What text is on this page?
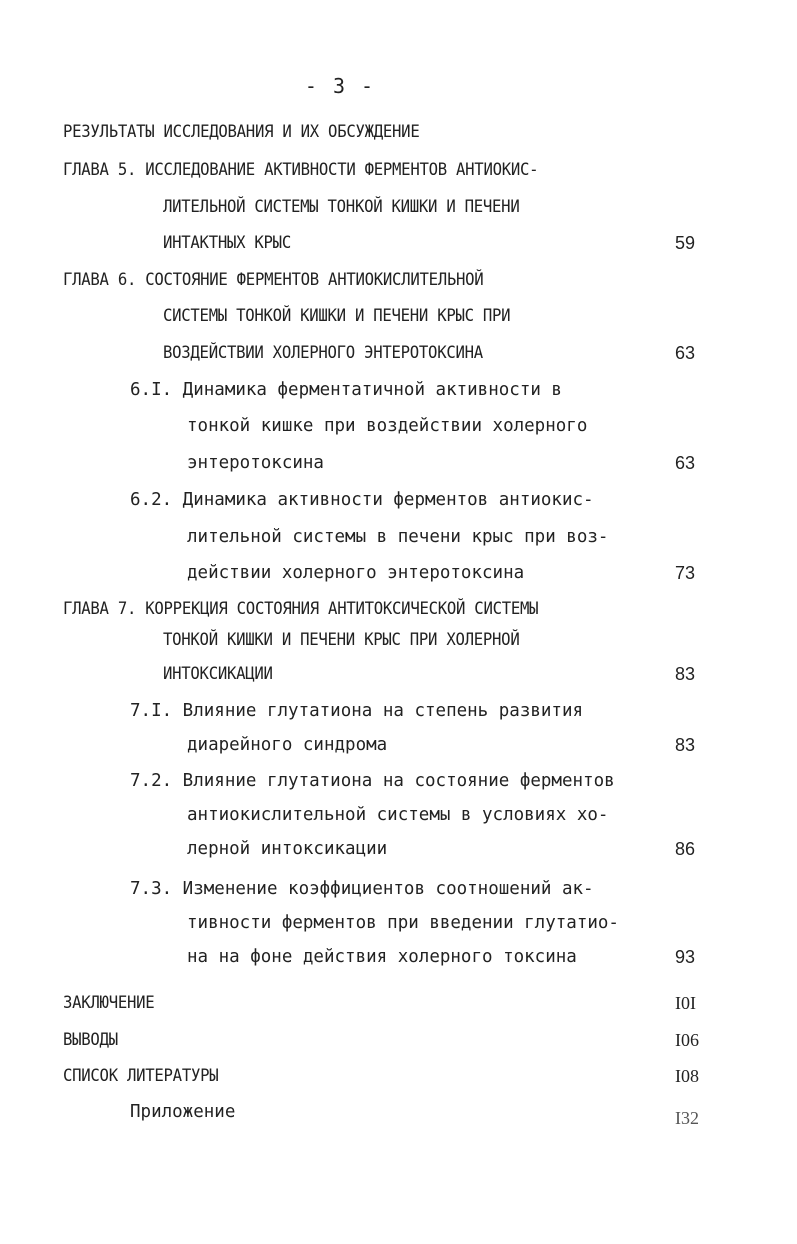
- 3 -
РЕЗУЛЬТАТЫ ИССЛЕДОВАНИЯ И ИХ ОБСУЖДЕНИЕ
ГЛАВА 5. ИССЛЕДОВАНИЕ АКТИВНОСТИ ФЕРМЕНТОВ АНТИОКИС-
ЛИТЕЛЬНОЙ СИСТЕМЫ ТОНКОЙ КИШКИ И ПЕЧЕНИ
ИНТАКТНЫХ КРЫС	59
ГЛАВА 6. СОСТОЯНИЕ ФЕРМЕНТОВ АНТИОКИСЛИТЕЛЬНОЙ
СИСТЕМЫ ТОНКОЙ КИШКИ И ПЕЧЕНИ КРЫС ПРИ
ВОЗДЕЙСТВИИ ХОЛЕРНОГО ЭНТЕРОТОКСИНА	63
6.I. Динамика ферментатичной активности в
тонкой кишке при воздействии холерного
энтеротоксина	63
6.2. Динамика активности ферментов антиокис-
лительной системы в печени крыс при воз-
действии холерного энтеротоксина	73
ГЛАВА 7. КОРРЕКЦИЯ СОСТОЯНИЯ АНТИТОКСИЧЕСКОЙ СИСТЕМЫ
ТОНКОЙ КИШКИ И ПЕЧЕНИ КРЫС ПРИ ХОЛЕРНОЙ
ИНТОКСИКАЦИИ	83
7.I. Влияние глутатиона на степень развития
диарейного синдрома	83
7.2. Влияние глутатиона на состояние ферментов
антиокислительной системы в условиях хо-
лерной интоксикации	86
7.3. Изменение коэффициентов соотношений ак-
тивности ферментов при введении глутатио-
на на фоне действия холерного токсина	93
ЗАКЛЮЧЕНИЕ	I0I
ВЫВОДЫ	I06
СПИСОК ЛИТЕРАТУРЫ	I08
Приложение	I32
